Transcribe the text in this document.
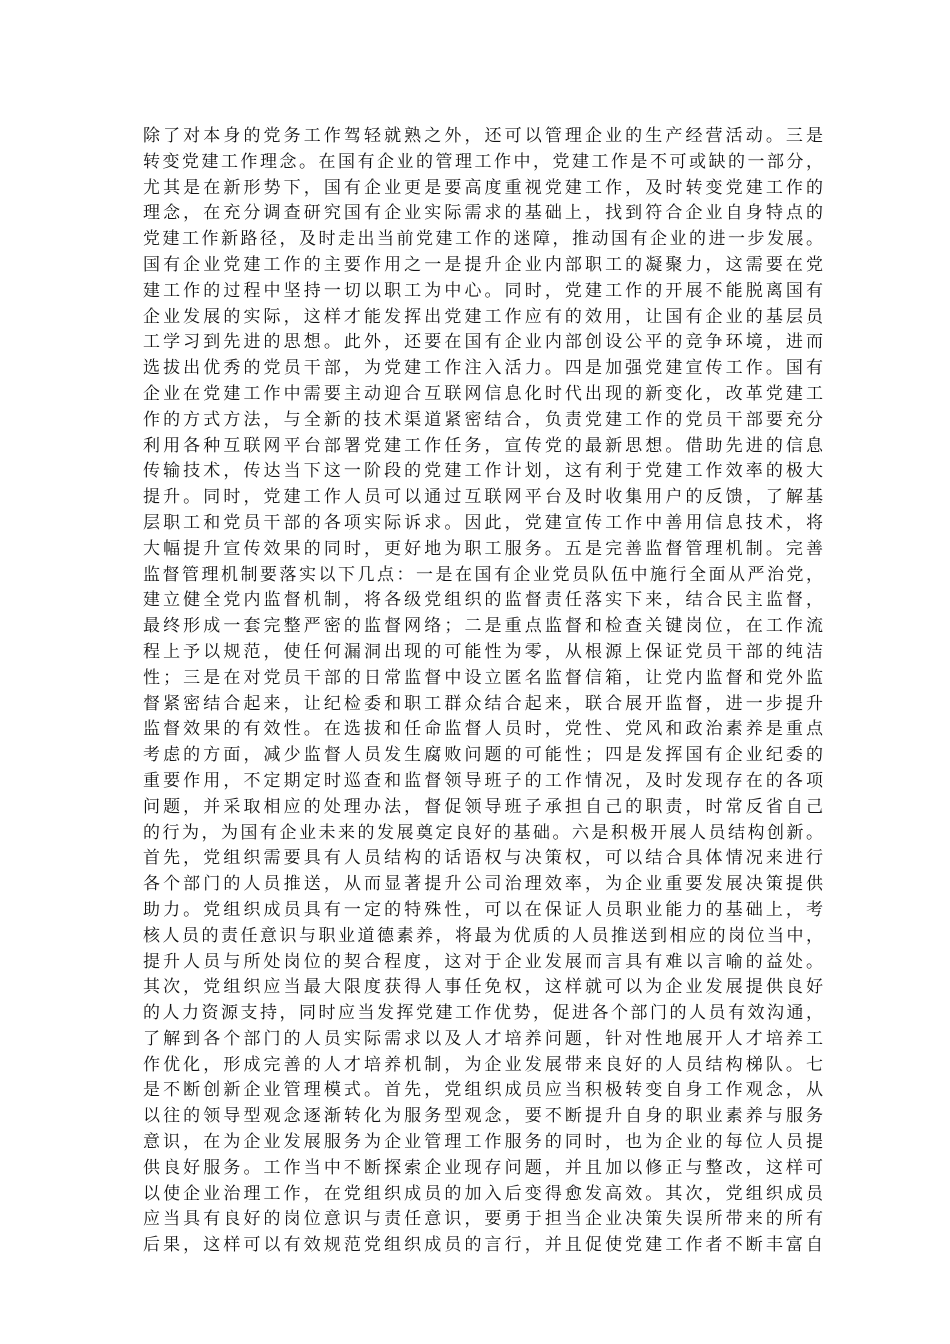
除了对本身的党务工作驾轻就熟之外，还可以管理企业的生产经营活动。三是
转变党建工作理念。在国有企业的管理工作中，党建工作是不可或缺的一部分，
尤其是在新形势下，国有企业更是要高度重视党建工作，及时转变党建工作的
理念，在充分调查研究国有企业实际需求的基础上，找到符合企业自身特点的
党建工作新路径，及时走出当前党建工作的迷障，推动国有企业的进一步发展。
国有企业党建工作的主要作用之一是提升企业内部职工的凝聚力，这需要在党
建工作的过程中坚持一切以职工为中心。同时，党建工作的开展不能脱离国有
企业发展的实际，这样才能发挥出党建工作应有的效用，让国有企业的基层员
工学习到先进的思想。此外，还要在国有企业内部创设公平的竞争环境，进而
选拔出优秀的党员干部，为党建工作注入活力。四是加强党建宣传工作。国有
企业在党建工作中需要主动迎合互联网信息化时代出现的新变化，改革党建工
作的方式方法，与全新的技术渠道紧密结合，负责党建工作的党员干部要充分
利用各种互联网平台部署党建工作任务，宣传党的最新思想。借助先进的信息
传输技术，传达当下这一阶段的党建工作计划，这有利于党建工作效率的极大
提升。同时，党建工作人员可以通过互联网平台及时收集用户的反馈，了解基
层职工和党员干部的各项实际诉求。因此，党建宣传工作中善用信息技术，将
大幅提升宣传效果的同时，更好地为职工服务。五是完善监督管理机制。完善
监督管理机制要落实以下几点：一是在国有企业党员队伍中施行全面从严治党，
建立健全党内监督机制，将各级党组织的监督责任落实下来，结合民主监督，
最终形成一套完整严密的监督网络；二是重点监督和检查关键岗位，在工作流
程上予以规范，使任何漏洞出现的可能性为零，从根源上保证党员干部的纯洁
性；三是在对党员干部的日常监督中设立匿名监督信箱，让党内监督和党外监
督紧密结合起来，让纪检委和职工群众结合起来，联合展开监督，进一步提升
监督效果的有效性。在选拔和任命监督人员时，党性、党风和政治素养是重点
考虑的方面，减少监督人员发生腐败问题的可能性；四是发挥国有企业纪委的
重要作用，不定期定时巡查和监督领导班子的工作情况，及时发现存在的各项
问题，并采取相应的处理办法，督促领导班子承担自己的职责，时常反省自己
的行为，为国有企业未来的发展奠定良好的基础。六是积极开展人员结构创新。
首先，党组织需要具有人员结构的话语权与决策权，可以结合具体情况来进行
各个部门的人员推送，从而显著提升公司治理效率，为企业重要发展决策提供
助力。党组织成员具有一定的特殊性，可以在保证人员职业能力的基础上，考
核人员的责任意识与职业道德素养，将最为优质的人员推送到相应的岗位当中，
提升人员与所处岗位的契合程度，这对于企业发展而言具有难以言喻的益处。
其次，党组织应当最大限度获得人事任免权，这样就可以为企业发展提供良好
的人力资源支持，同时应当发挥党建工作优势，促进各个部门的人员有效沟通，
了解到各个部门的人员实际需求以及人才培养问题，针对性地展开人才培养工
作优化，形成完善的人才培养机制，为企业发展带来良好的人员结构梯队。七
是不断创新企业管理模式。首先，党组织成员应当积极转变自身工作观念，从
以往的领导型观念逐渐转化为服务型观念，要不断提升自身的职业素养与服务
意识，在为企业发展服务为企业管理工作服务的同时，也为企业的每位人员提
供良好服务。工作当中不断探索企业现存问题，并且加以修正与整改，这样可
以使企业治理工作，在党组织成员的加入后变得愈发高效。其次，党组织成员
应当具有良好的岗位意识与责任意识，要勇于担当企业决策失误所带来的所有
后果，这样可以有效规范党组织成员的言行，并且促使党建工作者不断丰富自
